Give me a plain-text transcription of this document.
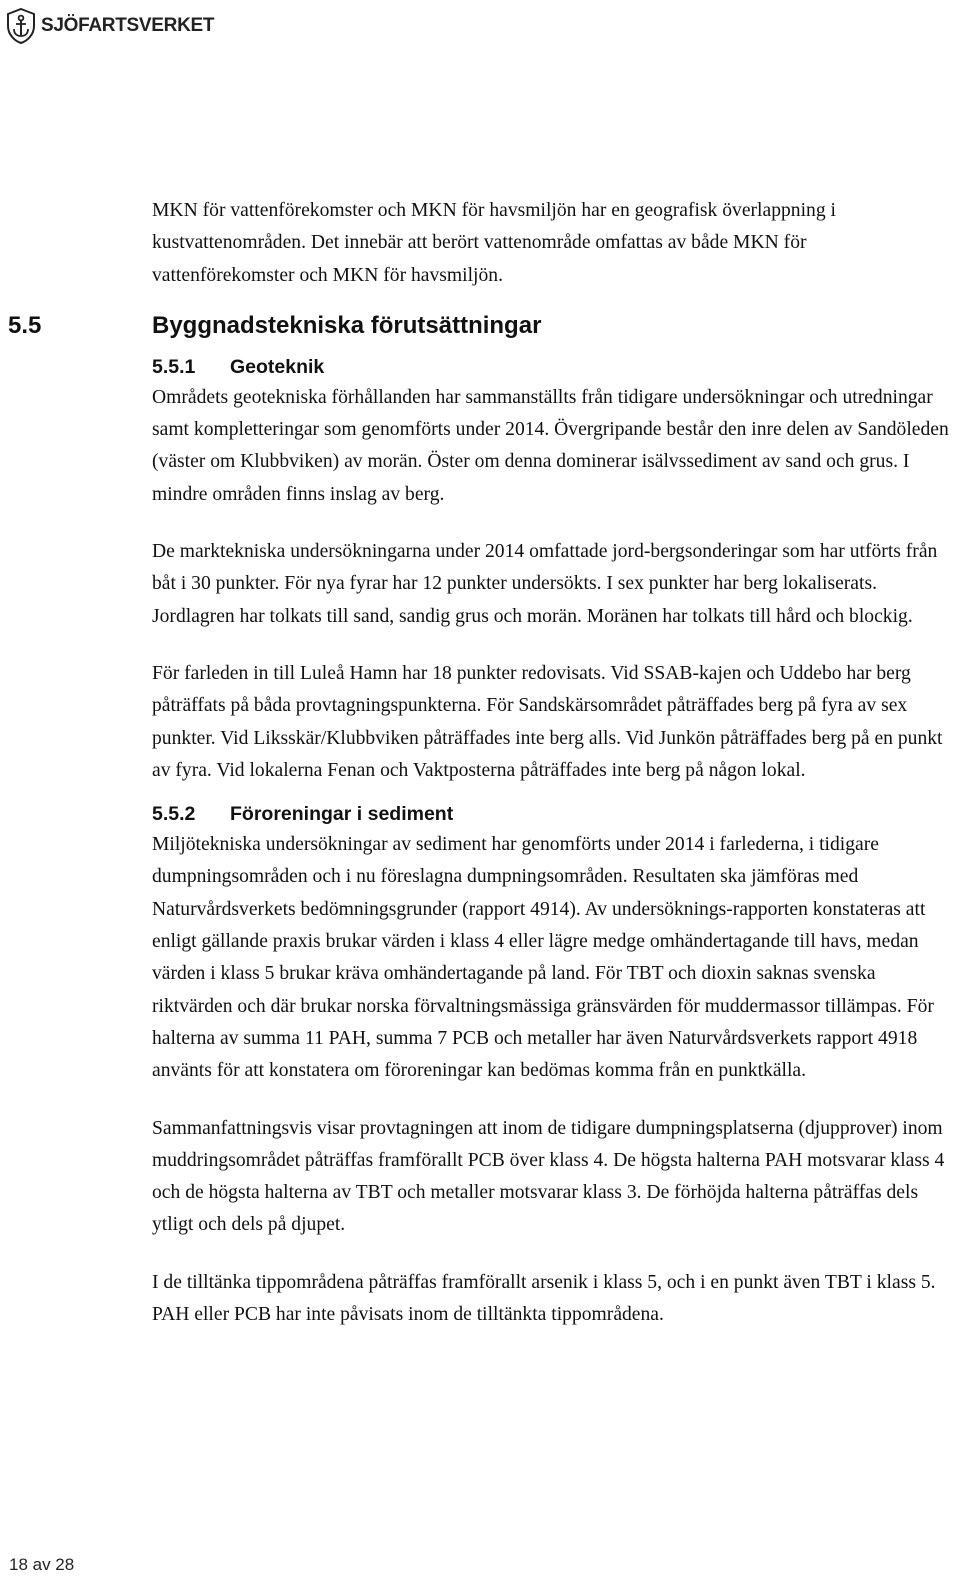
SJÖFARTSVERKET

MKN för vattenförekomster och MKN för havsmiljön har en geografisk överlappning i kustvattenområden. Det innebär att berört vattenområde omfattas av både MKN för vattenförekomster och MKN för havsmiljön.

5.5	Byggnadstekniska förutsättningar
5.5.1	Geoteknik

Områdets geotekniska förhållanden har sammanställts från tidigare undersökningar och utredningar samt kompletteringar som genomförts under 2014. Övergripande består den inre delen av Sandöleden (väster om Klubbviken) av morän. Öster om denna dominerar isälvssediment av sand och grus. I mindre områden finns inslag av berg.

De marktekniska undersökningarna under 2014 omfattade jord-bergsonderingar som har utförts från båt i 30 punkter. För nya fyrar har 12 punkter undersökts. I sex punkter har berg lokaliserats. Jordlagren har tolkats till sand, sandig grus och morän. Moränen har tolkats till hård och blockig.

För farleden in till Luleå Hamn har 18 punkter redovisats. Vid SSAB-kajen och Uddebo har berg påträffats på båda provtagningspunkterna. För Sandskärsområdet påträffades berg på fyra av sex punkter. Vid Liksskär/Klubbviken påträffades inte berg alls. Vid Junkön påträffades berg på en punkt av fyra. Vid lokalerna Fenan och Vaktposterna påträffades inte berg på någon lokal.

5.5.2	Föroreningar i sediment

Miljötekniska undersökningar av sediment har genomförts under 2014 i farlederna, i tidigare dumpningsområden och i nu föreslagna dumpningsområden. Resultaten ska jämföras med Naturvårdsverkets bedömningsgrunder (rapport 4914). Av undersöknings-rapporten konstateras att enligt gällande praxis brukar värden i klass 4 eller lägre medge omhändertagande till havs, medan värden i klass 5 brukar kräva omhändertagande på land. För TBT och dioxin saknas svenska riktvärden och där brukar norska förvaltningsmässiga gränsvärden för muddermassor tillämpas. För halterna av summa 11 PAH, summa 7 PCB och metaller har även Naturvårdsverkets rapport 4918 använts för att konstatera om föroreningar kan bedömas komma från en punktkälla.

Sammanfattningsvis visar provtagningen att inom de tidigare dumpningsplatserna (djupprover) inom muddringsområdet påträffas framförallt PCB över klass 4. De högsta halterna PAH motsvarar klass 4 och de högsta halterna av TBT och metaller motsvarar klass 3. De förhöjda halterna påträffas dels ytligt och dels på djupet.

I de tilltänka tippområdena påträffas framförallt arsenik i klass 5, och i en punkt även TBT i klass 5. PAH eller PCB har inte påvisats inom de tilltänkta tippområdena.

18 av 28
